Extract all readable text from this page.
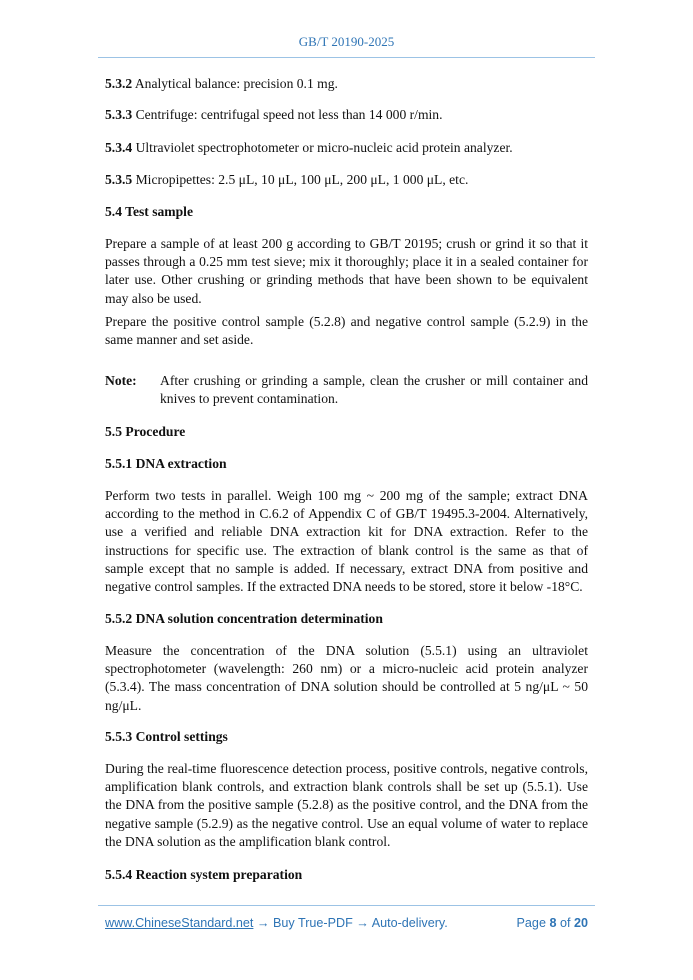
GB/T 20190-2025
5.3.2 Analytical balance: precision 0.1 mg.
5.3.3 Centrifuge: centrifugal speed not less than 14 000 r/min.
5.3.4 Ultraviolet spectrophotometer or micro-nucleic acid protein analyzer.
5.3.5 Micropipettes: 2.5 μL, 10 μL, 100 μL, 200 μL, 1 000 μL, etc.
5.4 Test sample
Prepare a sample of at least 200 g according to GB/T 20195; crush or grind it so that it passes through a 0.25 mm test sieve; mix it thoroughly; place it in a sealed container for later use. Other crushing or grinding methods that have been shown to be equivalent may also be used.
Prepare the positive control sample (5.2.8) and negative control sample (5.2.9) in the same manner and set aside.
Note:	After crushing or grinding a sample, clean the crusher or mill container and knives to prevent contamination.
5.5 Procedure
5.5.1 DNA extraction
Perform two tests in parallel. Weigh 100 mg ~ 200 mg of the sample; extract DNA according to the method in C.6.2 of Appendix C of GB/T 19495.3-2004. Alternatively, use a verified and reliable DNA extraction kit for DNA extraction. Refer to the instructions for specific use. The extraction of blank control is the same as that of sample except that no sample is added. If necessary, extract DNA from positive and negative control samples. If the extracted DNA needs to be stored, store it below -18°C.
5.5.2 DNA solution concentration determination
Measure the concentration of the DNA solution (5.5.1) using an ultraviolet spectrophotometer (wavelength: 260 nm) or a micro-nucleic acid protein analyzer (5.3.4). The mass concentration of DNA solution should be controlled at 5 ng/μL ~ 50 ng/μL.
5.5.3 Control settings
During the real-time fluorescence detection process, positive controls, negative controls, amplification blank controls, and extraction blank controls shall be set up (5.5.1). Use the DNA from the positive sample (5.2.8) as the positive control, and the DNA from the negative sample (5.2.9) as the negative control. Use an equal volume of water to replace the DNA solution as the amplification blank control.
5.5.4 Reaction system preparation
www.ChineseStandard.net → Buy True-PDF → Auto-delivery.	Page 8 of 20
